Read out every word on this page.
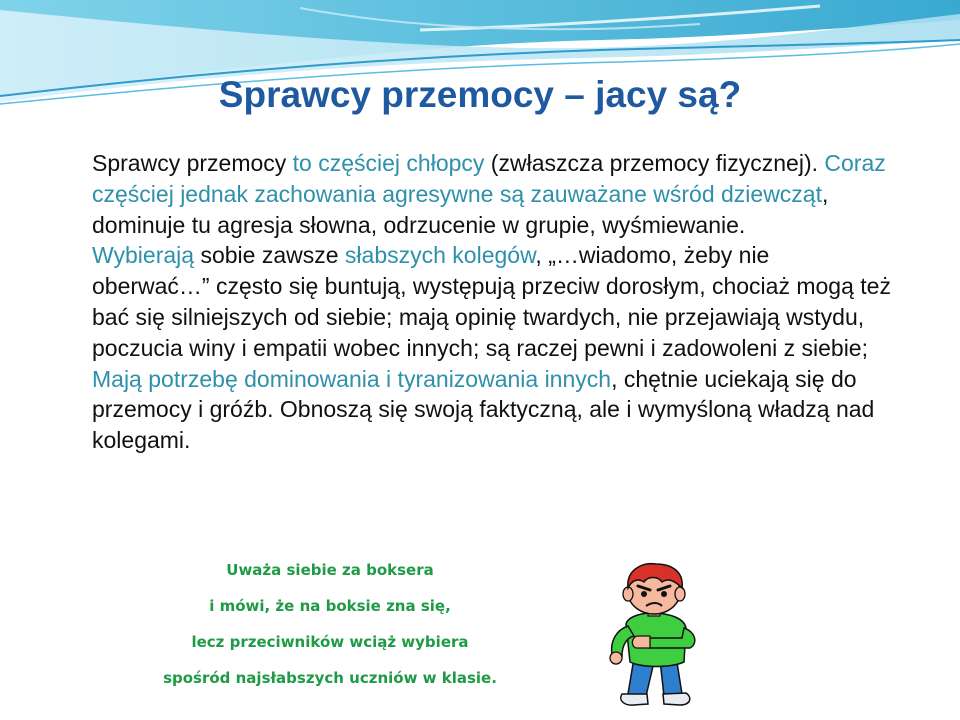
Sprawcy przemocy – jacy są?

Sprawcy przemocy to częściej chłopcy (zwłaszcza przemocy fizycznej). Coraz częściej jednak zachowania agresywne są zauważane wśród dziewcząt, dominuje tu agresja słowna, odrzucenie w grupie, wyśmiewanie.

Wybierają sobie zawsze słabszych kolegów, „…wiadomo, żeby nie oberwać…” często się buntują, występują przeciw dorosłym, chociaż mogą też bać się silniejszych od siebie; mają opinię twardych, nie przejawiają wstydu, poczucia winy i empatii wobec innych; są raczej pewni i zadowoleni z siebie;

Mają potrzebę dominowania i tyranizowania innych, chętnie uciekają się do przemocy i gróźb. Obnoszą się swoją faktyczną, ale i wymyśloną władzą nad kolegami.

Uważa siebie za boksera
i mówi, że na boksie zna się,
lecz przeciwników wciąż wybiera
spośród najsłabszych uczniów w klasie.
